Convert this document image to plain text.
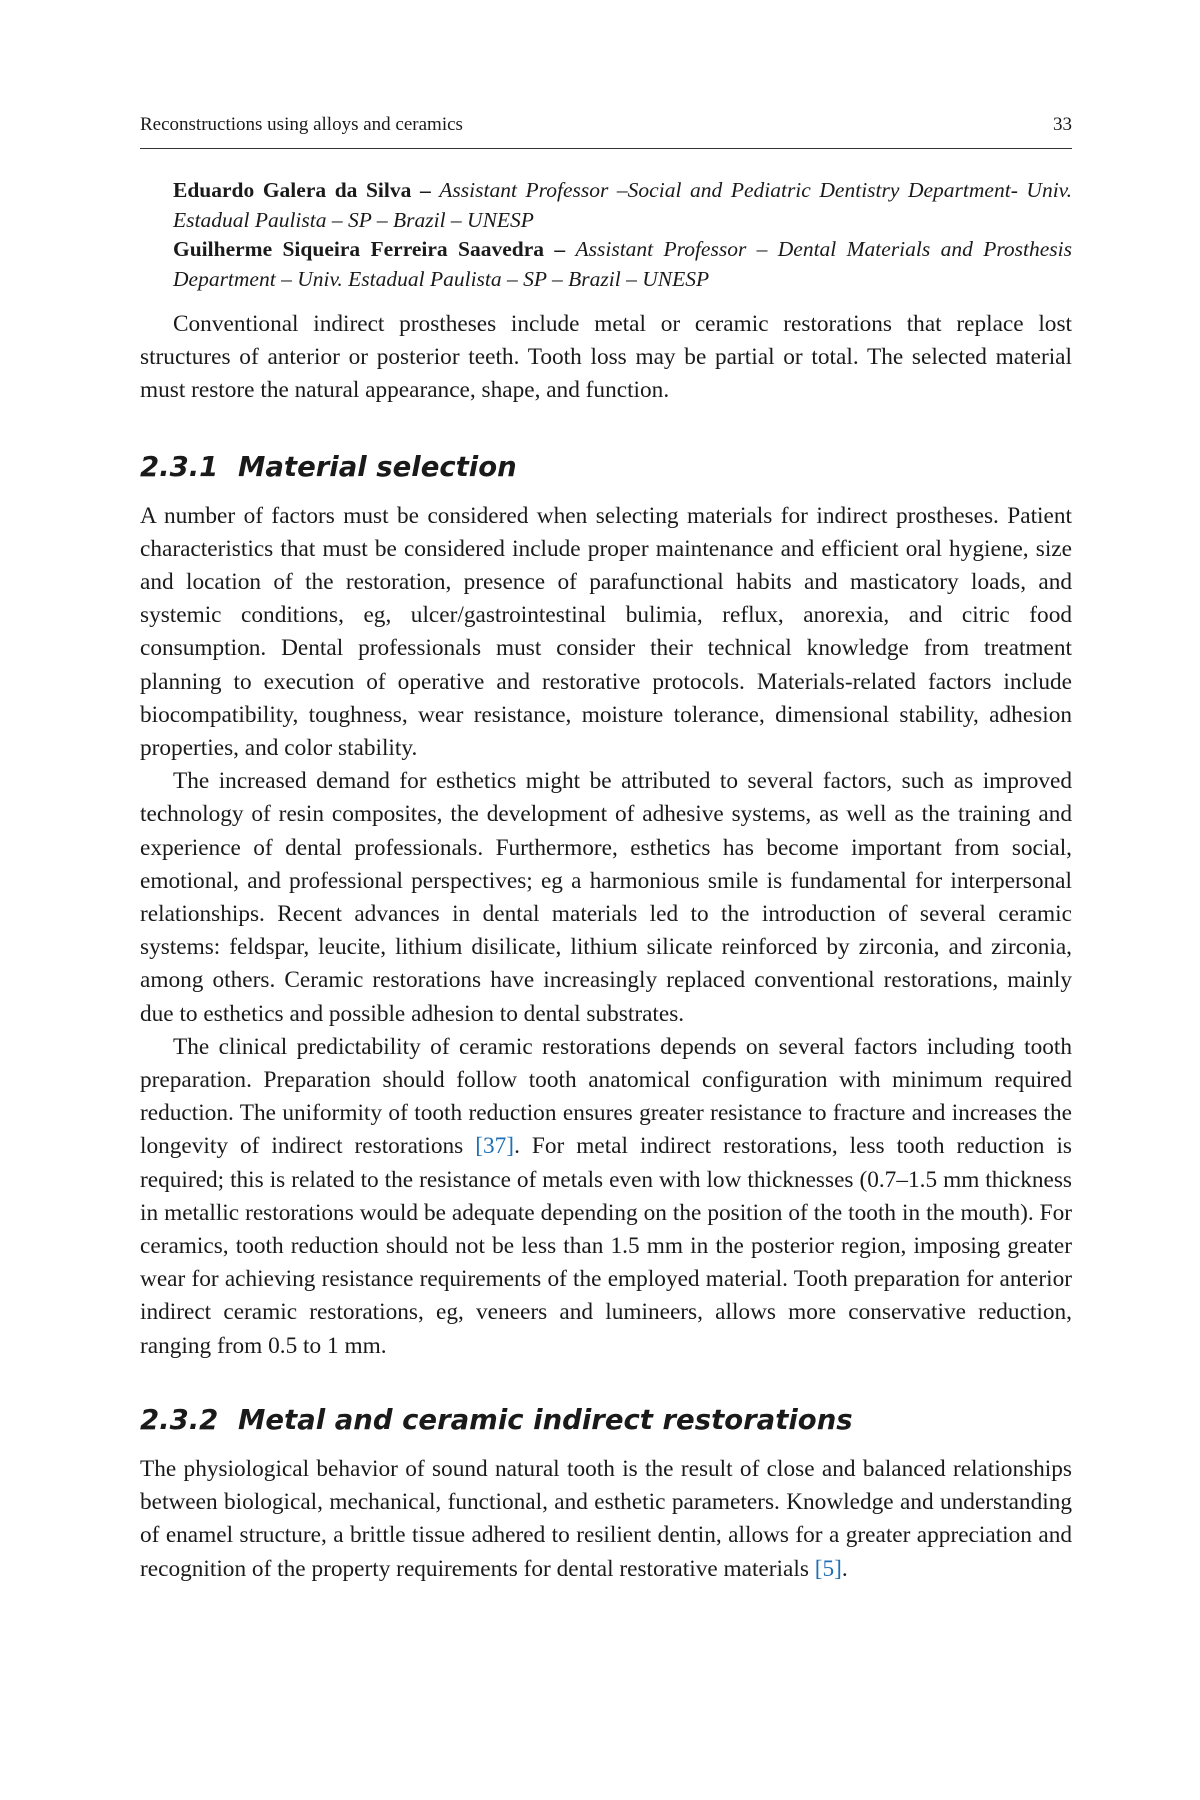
Reconstructions using alloys and ceramics	33

Eduardo Galera da Silva – Assistant Professor –Social and Pediatric Dentistry Department- Univ. Estadual Paulista – SP – Brazil – UNESP

Guilherme Siqueira Ferreira Saavedra – Assistant Professor – Dental Materials and Prosthesis Department – Univ. Estadual Paulista – SP – Brazil – UNESP

Conventional indirect prostheses include metal or ceramic restorations that replace lost structures of anterior or posterior teeth. Tooth loss may be partial or total. The selected material must restore the natural appearance, shape, and function.

2.3.1 Material selection

A number of factors must be considered when selecting materials for indirect prostheses. Patient characteristics that must be considered include proper maintenance and efficient oral hygiene, size and location of the restoration, presence of parafunctional habits and masticatory loads, and systemic conditions, eg, ulcer/gastrointestinal bulimia, reflux, anorexia, and citric food consumption. Dental professionals must consider their technical knowledge from treatment planning to execution of operative and restorative protocols. Materials-related factors include biocompatibility, toughness, wear resistance, moisture tolerance, dimensional stability, adhesion properties, and color stability.

The increased demand for esthetics might be attributed to several factors, such as improved technology of resin composites, the development of adhesive systems, as well as the training and experience of dental professionals. Furthermore, esthetics has become important from social, emotional, and professional perspectives; eg a harmonious smile is fundamental for interpersonal relationships. Recent advances in dental materials led to the introduction of several ceramic systems: feldspar, leucite, lithium disilicate, lithium silicate reinforced by zirconia, and zirconia, among others. Ceramic restorations have increasingly replaced conventional restorations, mainly due to esthetics and possible adhesion to dental substrates.

The clinical predictability of ceramic restorations depends on several factors including tooth preparation. Preparation should follow tooth anatomical configuration with minimum required reduction. The uniformity of tooth reduction ensures greater resistance to fracture and increases the longevity of indirect restorations [37]. For metal indirect restorations, less tooth reduction is required; this is related to the resistance of metals even with low thicknesses (0.7–1.5 mm thickness in metallic restorations would be adequate depending on the position of the tooth in the mouth). For ceramics, tooth reduction should not be less than 1.5 mm in the posterior region, imposing greater wear for achieving resistance requirements of the employed material. Tooth preparation for anterior indirect ceramic restorations, eg, veneers and lumineers, allows more conservative reduction, ranging from 0.5 to 1 mm.

2.3.2 Metal and ceramic indirect restorations

The physiological behavior of sound natural tooth is the result of close and balanced relationships between biological, mechanical, functional, and esthetic parameters. Knowledge and understanding of enamel structure, a brittle tissue adhered to resilient dentin, allows for a greater appreciation and recognition of the property requirements for dental restorative materials [5].
